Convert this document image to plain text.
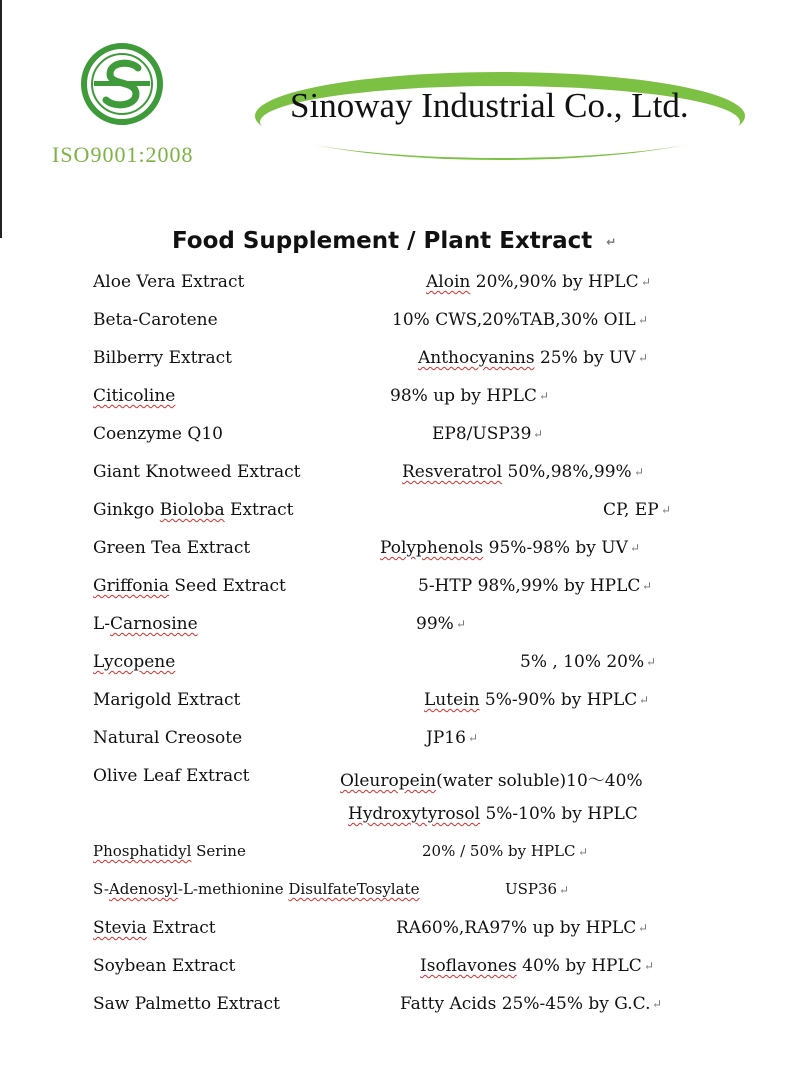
ISO9001:2008
Sinoway Industrial Co., Ltd.
Food Supplement / Plant Extract ↵
Aloe Vera Extract	Aloin 20%,90% by HPLC ↵
Beta-Carotene	10% CWS,20%TAB,30% OIL ↵
Bilberry Extract	Anthocyanins 25% by UV ↵
Citicoline	98% up by HPLC ↵
Coenzyme Q10	EP8/USP39 ↵
Giant Knotweed Extract	Resveratrol 50%,98%,99% ↵
Ginkgo Bioloba Extract	CP, EP ↵
Green Tea Extract	Polyphenols 95%-98% by UV ↵
Griffonia Seed Extract	5-HTP 98%,99% by HPLC ↵
L-Carnosine	99% ↵
Lycopene	5% , 10% 20% ↵
Marigold Extract	Lutein 5%-90% by HPLC ↵
Natural Creosote	JP16 ↵
Olive Leaf Extract	Oleuropein(water soluble)10～40%
Hydroxytyrosol 5%-10% by HPLC
Phosphatidyl Serine	20% / 50% by HPLC ↵
S-Adenosyl-L-methionine DisulfateTosylate	USP36 ↵
Stevia Extract	RA60%,RA97% up by HPLC ↵
Soybean Extract	Isoflavones 40% by HPLC ↵
Saw Palmetto Extract	Fatty Acids 25%-45% by G.C. ↵
